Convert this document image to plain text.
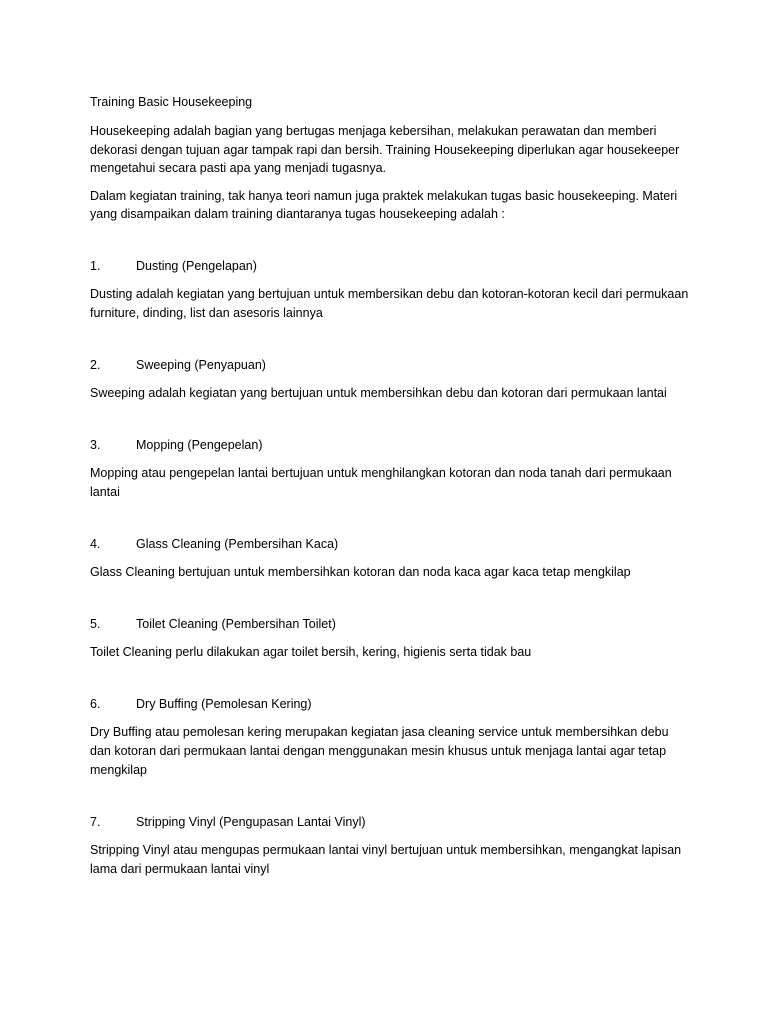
Training Basic Housekeeping

Housekeeping adalah bagian yang bertugas menjaga kebersihan, melakukan perawatan dan memberi dekorasi dengan tujuan agar tampak rapi dan bersih. Training Housekeeping diperlukan agar housekeeper mengetahui secara pasti apa yang menjadi tugasnya.

Dalam kegiatan training, tak hanya teori namun juga praktek melakukan tugas basic housekeeping. Materi yang disampaikan dalam training diantaranya tugas housekeeping adalah :

1.	Dusting (Pengelapan)

Dusting adalah kegiatan yang bertujuan untuk membersikan debu dan kotoran-kotoran kecil dari permukaan furniture, dinding, list dan asesoris lainnya

2.	Sweeping (Penyapuan)

Sweeping adalah kegiatan yang bertujuan untuk membersihkan debu dan kotoran dari permukaan lantai

3.	Mopping (Pengepelan)

Mopping atau pengepelan lantai bertujuan untuk menghilangkan kotoran dan noda tanah dari permukaan lantai

4.	Glass Cleaning (Pembersihan Kaca)

Glass Cleaning bertujuan untuk membersihkan kotoran dan noda kaca agar kaca tetap mengkilap

5.	Toilet Cleaning (Pembersihan Toilet)

Toilet Cleaning perlu dilakukan agar toilet bersih, kering, higienis serta tidak bau

6.	Dry Buffing (Pemolesan Kering)

Dry Buffing atau pemolesan kering merupakan kegiatan jasa cleaning service untuk membersihkan debu dan kotoran dari permukaan lantai dengan menggunakan mesin khusus untuk menjaga lantai agar tetap mengkilap

7.	Stripping Vinyl (Pengupasan Lantai Vinyl)

Stripping Vinyl atau mengupas permukaan lantai vinyl bertujuan untuk membersihkan, mengangkat lapisan lama dari permukaan lantai vinyl
